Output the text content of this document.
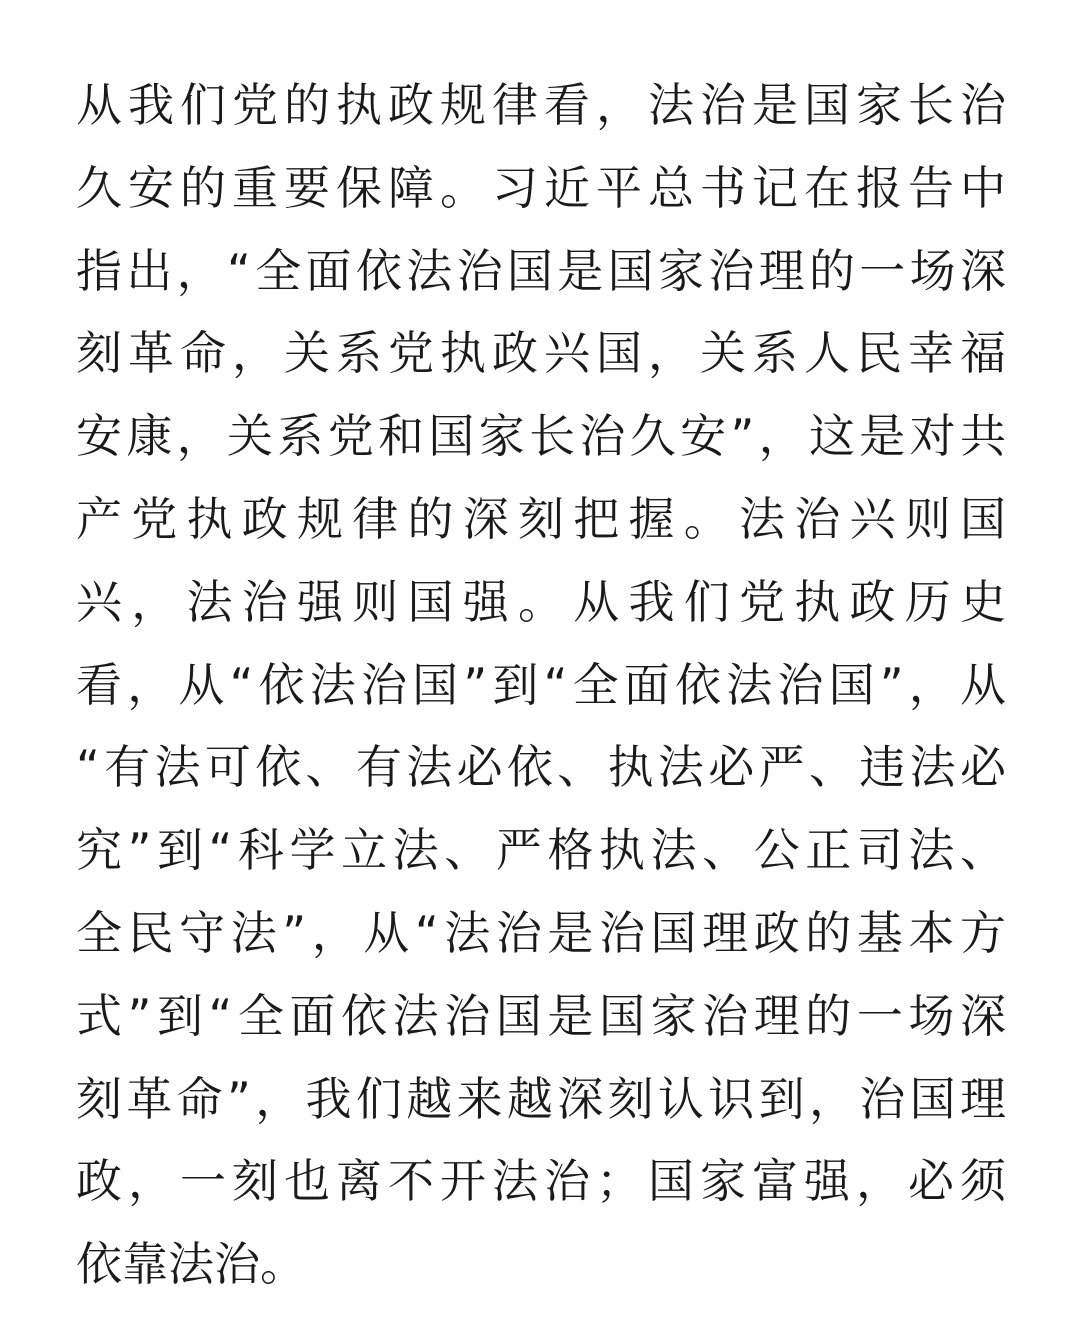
从我们党的执政规律看，法治是国家长治
久安的重要保障。习近平总书记在报告中
指出，“全面依法治国是国家治理的一场深
刻革命，关系党执政兴国，关系人民幸福
安康，关系党和国家长治久安”，这是对共
产党执政规律的深刻把握。法治兴则国
兴，法治强则国强。从我们党执政历史
看，从“依法治国”到“全面依法治国”，从
“有法可依、有法必依、执法必严、违法必
究”到“科学立法、严格执法、公正司法、
全民守法”，从“法治是治国理政的基本方
式”到“全面依法治国是国家治理的一场深
刻革命”，我们越来越深刻认识到，治国理
政，一刻也离不开法治；国家富强，必须
依靠法治。
